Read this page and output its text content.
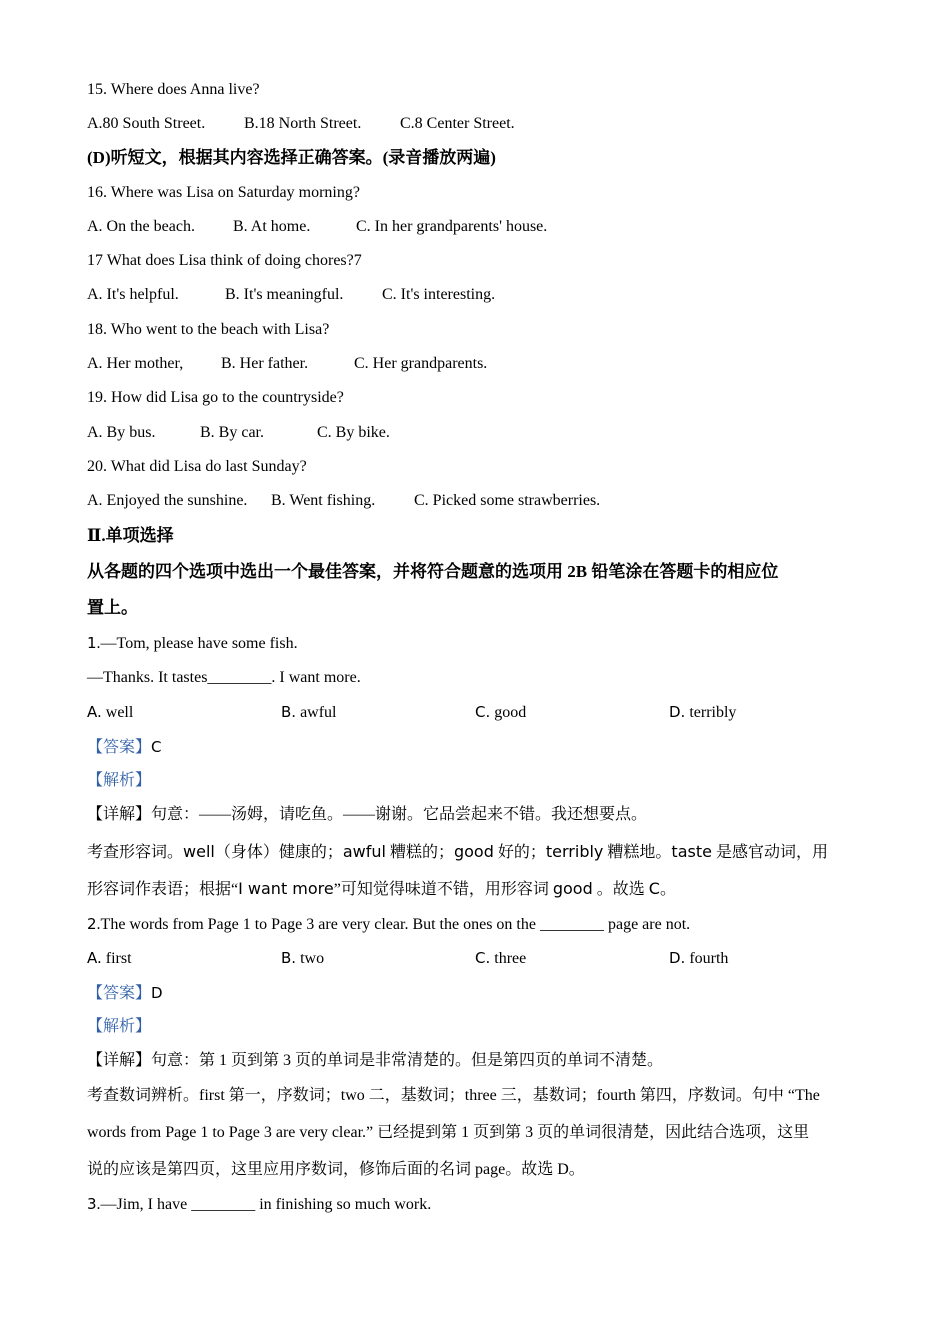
15. Where does Anna live?
A.80 South Street. B.18 North Street. C.8 Center Street.
(D)听短文，根据其内容选择正确答案。(录音播放两遍)
16. Where was Lisa on Saturday morning?
A. On the beach. B. At home.	C. In her grandparents' house.
17 What does Lisa think of doing chores?7
A. It's helpful.	B. It's meaningful. C. It's interesting.
18. Who went to the beach with Lisa?
A. Her mother, B. Her father.	C. Her grandparents.
19. How did Lisa go to the countryside?
A. By bus.	B. By car.	C. By bike.
20. What did Lisa do last Sunday?
A. Enjoyed the sunshine. B. Went fishing. C. Picked some strawberries.
Ⅱ.单项选择
从各题的四个选项中选出一个最佳答案，并将符合题意的选项用 2B 铅笔涂在答题卡的相应位
置上。
1.—Tom, please have some fish.
—Thanks. It tastes________. I want more.
A. well	B. awful	C. good	D. terribly
【答案】C
【解析】
【详解】句意：——汤姆，请吃鱼。——谢谢。它品尝起来不错。我还想要点。
考查形容词。well（身体）健康的；awful 糟糕的；good 好的；terribly 糟糕地。taste 是感官动词，用
形容词作表语；根据“I want more”可知觉得味道不错，用形容词 good 。故选 C。
2.The words from Page 1 to Page 3 are very clear. But the ones on the ________ page are not.
A. first	B. two	C. three	D. fourth
【答案】D
【解析】
【详解】句意：第 1 页到第 3 页的单词是非常清楚的。但是第四页的单词不清楚。
考查数词辨析。first 第一，序数词；two 二，基数词；three 三，基数词；fourth 第四，序数词。句中 “The
words from Page 1 to Page 3 are very clear.” 已经提到第 1 页到第 3 页的单词很清楚，因此结合选项，这里
说的应该是第四页，这里应用序数词，修饰后面的名词 page。故选 D。
3.—Jim, I have ________ in finishing so much work.
